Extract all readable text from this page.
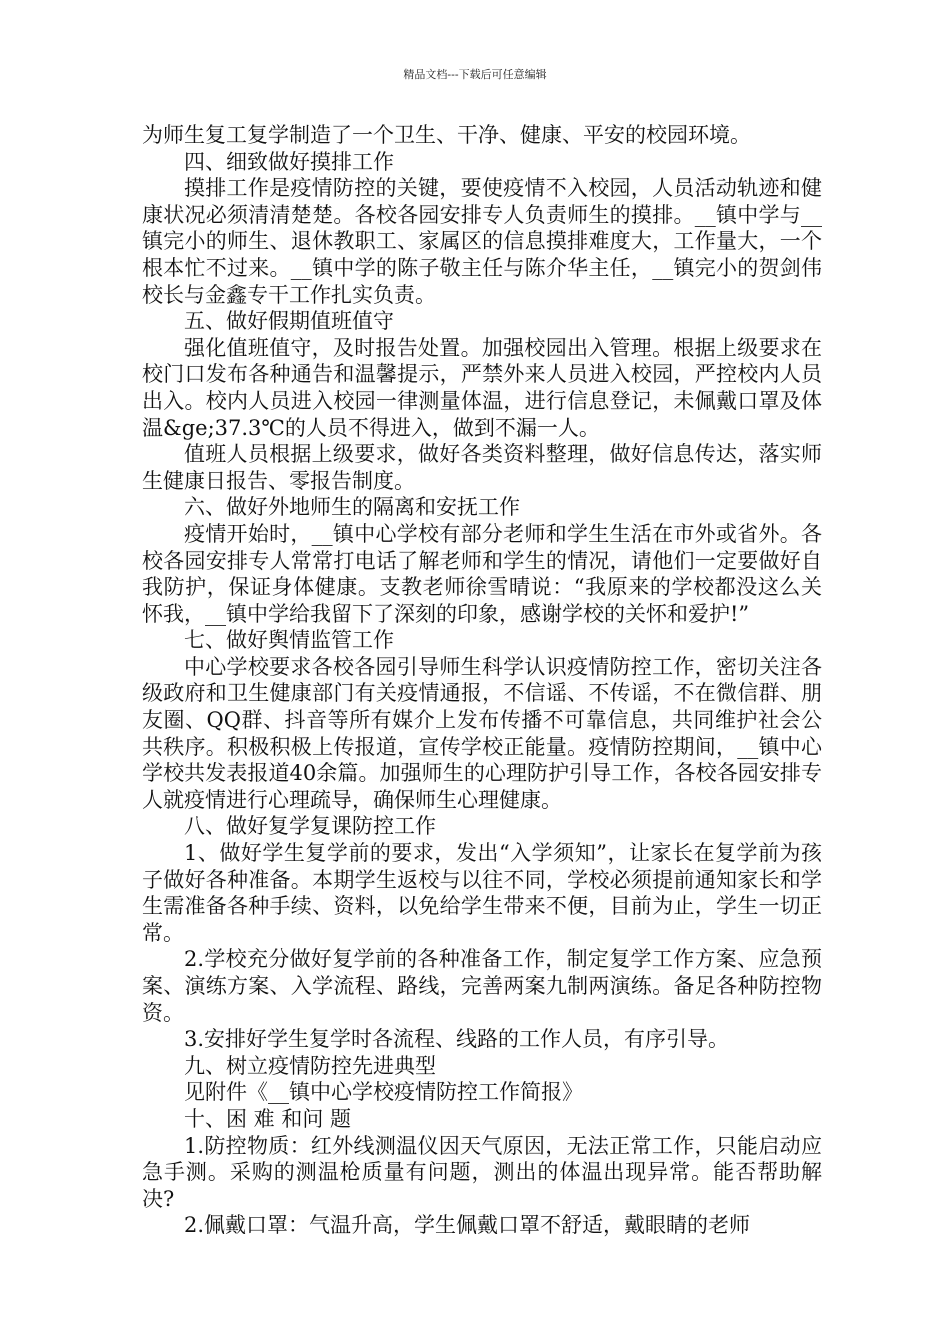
精品文档---下载后可任意编辑

为师生复工复学制造了一个卫生、干净、健康、平安的校园环境。

四、细致做好摸排工作

摸排工作是疫情防控的关键，要使疫情不入校园，人员活动轨迹和健康状况必须清清楚楚。各校各园安排专人负责师生的摸排。__镇中学与__镇完小的师生、退休教职工、家属区的信息摸排难度大，工作量大，一个根本忙不过来。__镇中学的陈子敬主任与陈介华主任，__镇完小的贺剑伟校长与金鑫专干工作扎实负责。

五、做好假期值班值守

强化值班值守，及时报告处置。加强校园出入管理。根据上级要求在校门口发布各种通告和温馨提示，严禁外来人员进入校园，严控校内人员出入。校内人员进入校园一律测量体温，进行信息登记，未佩戴口罩及体温&ge;37.3℃的人员不得进入，做到不漏一人。

值班人员根据上级要求，做好各类资料整理，做好信息传达，落实师生健康日报告、零报告制度。

六、做好外地师生的隔离和安抚工作

疫情开始时，__镇中心学校有部分老师和学生生活在市外或省外。各校各园安排专人常常打电话了解老师和学生的情况，请他们一定要做好自我防护，保证身体健康。支教老师徐雪晴说：“我原来的学校都没这么关怀我，__镇中学给我留下了深刻的印象，感谢学校的关怀和爱护!”

七、做好舆情监管工作

中心学校要求各校各园引导师生科学认识疫情防控工作，密切关注各级政府和卫生健康部门有关疫情通报，不信谣、不传谣，不在微信群、朋友圈、QQ群、抖音等所有媒介上发布传播不可靠信息，共同维护社会公共秩序。积极积极上传报道，宣传学校正能量。疫情防控期间，__镇中心学校共发表报道40余篇。加强师生的心理防护引导工作，各校各园安排专人就疫情进行心理疏导，确保师生心理健康。

八、做好复学复课防控工作

1、做好学生复学前的要求，发出“入学须知”，让家长在复学前为孩子做好各种准备。本期学生返校与以往不同，学校必须提前通知家长和学生需准备各种手续、资料，以免给学生带来不便，目前为止，学生一切正常。

2.学校充分做好复学前的各种准备工作，制定复学工作方案、应急预案、演练方案、入学流程、路线，完善两案九制两演练。备足各种防控物资。

3.安排好学生复学时各流程、线路的工作人员，有序引导。

九、树立疫情防控先进典型

见附件《__镇中心学校疫情防控工作简报》

十、困 难 和问 题

1.防控物质：红外线测温仪因天气原因，无法正常工作，只能启动应急手测。采购的测温枪质量有问题，测出的体温出现异常。能否帮助解决?

2.佩戴口罩：气温升高，学生佩戴口罩不舒适，戴眼睛的老师
